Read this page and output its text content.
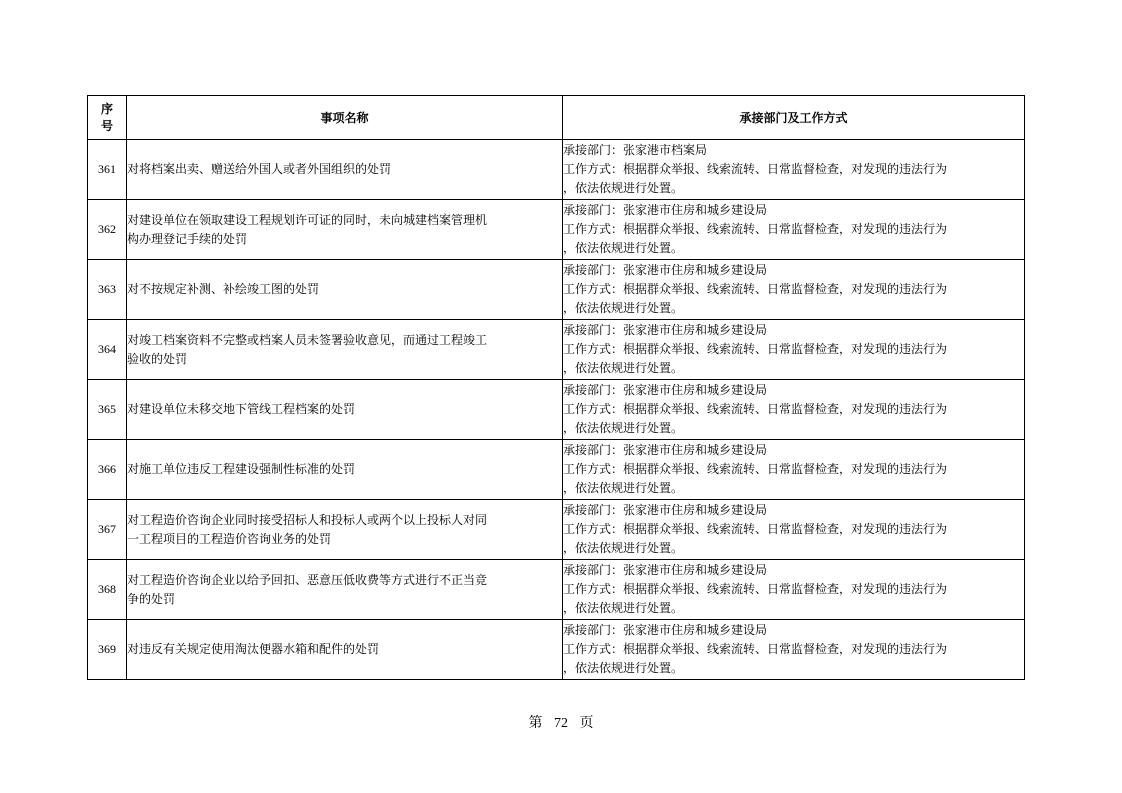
序
号	事项名称	承接部门及工作方式
361	对将档案出卖、赠送给外国人或者外国组织的处罚	承接部门：张家港市档案局
工作方式：根据群众举报、线索流转、日常监督检查，对发现的违法行为
，依法依规进行处置。

362	对建设单位在领取建设工程规划许可证的同时，未向城建档案管理机
构办理登记手续的处罚	承接部门：张家港市住房和城乡建设局
工作方式：根据群众举报、线索流转、日常监督检查，对发现的违法行为
，依法依规进行处置。

363	对不按规定补测、补绘竣工图的处罚	承接部门：张家港市住房和城乡建设局
工作方式：根据群众举报、线索流转、日常监督检查，对发现的违法行为
，依法依规进行处置。

364	对竣工档案资料不完整或档案人员未签署验收意见，而通过工程竣工
验收的处罚	承接部门：张家港市住房和城乡建设局
工作方式：根据群众举报、线索流转、日常监督检查，对发现的违法行为
，依法依规进行处置。

365	对建设单位未移交地下管线工程档案的处罚	承接部门：张家港市住房和城乡建设局
工作方式：根据群众举报、线索流转、日常监督检查，对发现的违法行为
，依法依规进行处置。

366	对施工单位违反工程建设强制性标准的处罚	承接部门：张家港市住房和城乡建设局
工作方式：根据群众举报、线索流转、日常监督检查，对发现的违法行为
，依法依规进行处置。

367	对工程造价咨询企业同时接受招标人和投标人或两个以上投标人对同
一工程项目的工程造价咨询业务的处罚	承接部门：张家港市住房和城乡建设局
工作方式：根据群众举报、线索流转、日常监督检查，对发现的违法行为
，依法依规进行处置。

368	对工程造价咨询企业以给予回扣、恶意压低收费等方式进行不正当竞
争的处罚	承接部门：张家港市住房和城乡建设局
工作方式：根据群众举报、线索流转、日常监督检查，对发现的违法行为
，依法依规进行处置。

369	对违反有关规定使用淘汰便器水箱和配件的处罚	承接部门：张家港市住房和城乡建设局
工作方式：根据群众举报、线索流转、日常监督检查，对发现的违法行为
，依法依规进行处置。
第 72 页
